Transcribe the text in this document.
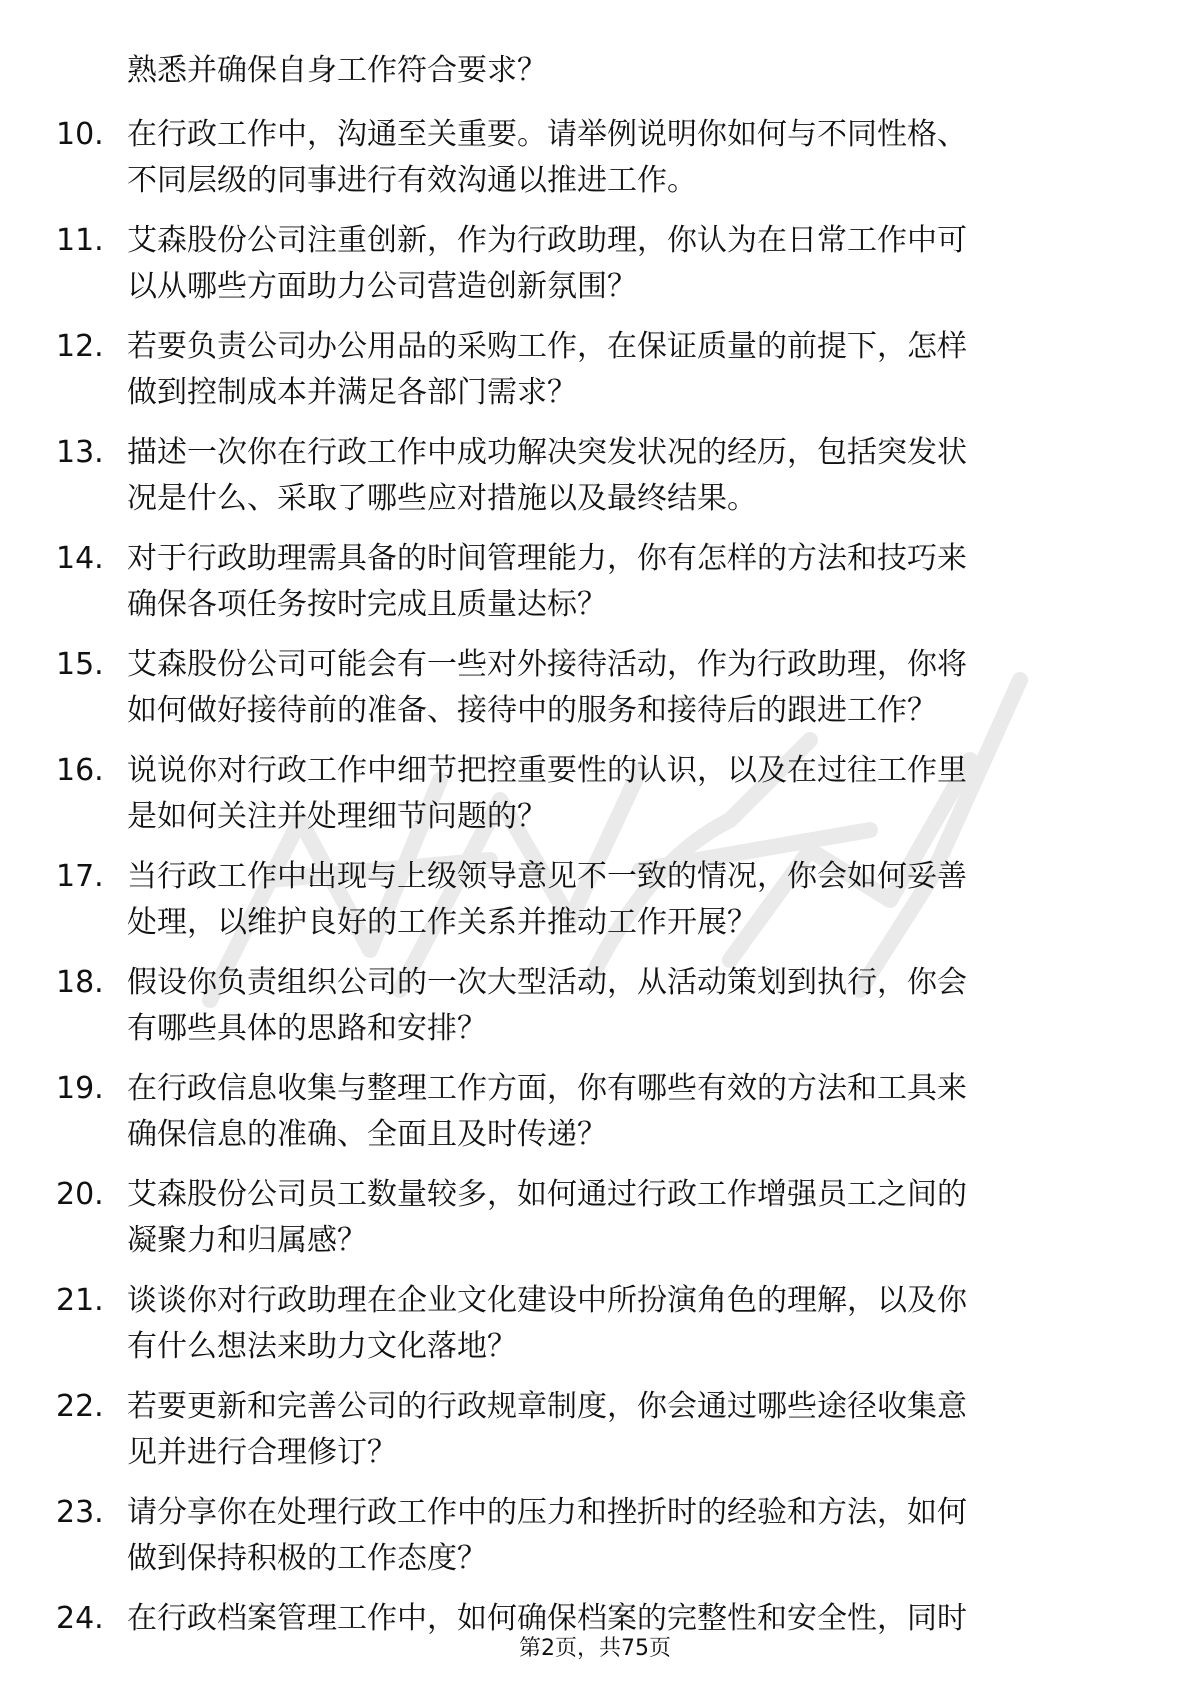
熟悉并确保自身工作符合要求？
10. 在行政工作中，沟通至关重要。请举例说明你如何与不同性格、
不同层级的同事进行有效沟通以推进工作。
11. 艾森股份公司注重创新，作为行政助理，你认为在日常工作中可
以从哪些方面助力公司营造创新氛围？
12. 若要负责公司办公用品的采购工作，在保证质量的前提下，怎样
做到控制成本并满足各部门需求？
13. 描述一次你在行政工作中成功解决突发状况的经历，包括突发状
况是什么、采取了哪些应对措施以及最终结果。
14. 对于行政助理需具备的时间管理能力，你有怎样的方法和技巧来
确保各项任务按时完成且质量达标？
15. 艾森股份公司可能会有一些对外接待活动，作为行政助理，你将
如何做好接待前的准备、接待中的服务和接待后的跟进工作？
16. 说说你对行政工作中细节把控重要性的认识，以及在过往工作里
是如何关注并处理细节问题的？
17. 当行政工作中出现与上级领导意见不一致的情况，你会如何妥善
处理，以维护良好的工作关系并推动工作开展？
18. 假设你负责组织公司的一次大型活动，从活动策划到执行，你会
有哪些具体的思路和安排？
19. 在行政信息收集与整理工作方面，你有哪些有效的方法和工具来
确保信息的准确、全面且及时传递？
20. 艾森股份公司员工数量较多，如何通过行政工作增强员工之间的
凝聚力和归属感？
21. 谈谈你对行政助理在企业文化建设中所扮演角色的理解，以及你
有什么想法来助力文化落地？
22. 若要更新和完善公司的行政规章制度，你会通过哪些途径收集意
见并进行合理修订？
23. 请分享你在处理行政工作中的压力和挫折时的经验和方法，如何
做到保持积极的工作态度？
24. 在行政档案管理工作中，如何确保档案的完整性和安全性，同时
第2页，共75页
